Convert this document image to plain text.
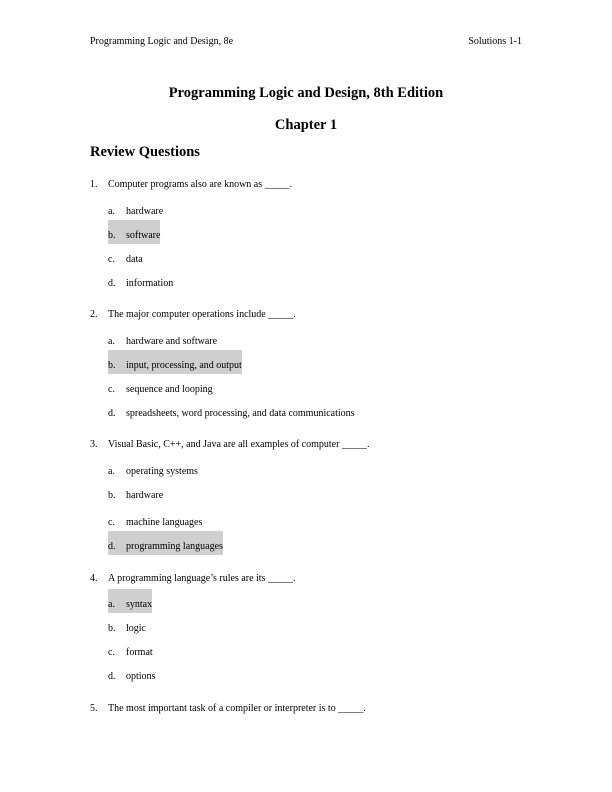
Programming Logic and Design, 8e	Solutions 1-1
Programming Logic and Design, 8th Edition
Chapter 1
Review Questions
1. Computer programs also are known as _____.
a. hardware
b. software
c. data
d. information
2. The major computer operations include _____.
a. hardware and software
b. input, processing, and output
c. sequence and looping
d. spreadsheets, word processing, and data communications
3. Visual Basic, C++, and Java are all examples of computer _____.
a. operating systems
b. hardware
c. machine languages
d. programming languages
4. A programming language’s rules are its _____.
a. syntax
b. logic
c. format
d. options
5. The most important task of a compiler or interpreter is to _____.
